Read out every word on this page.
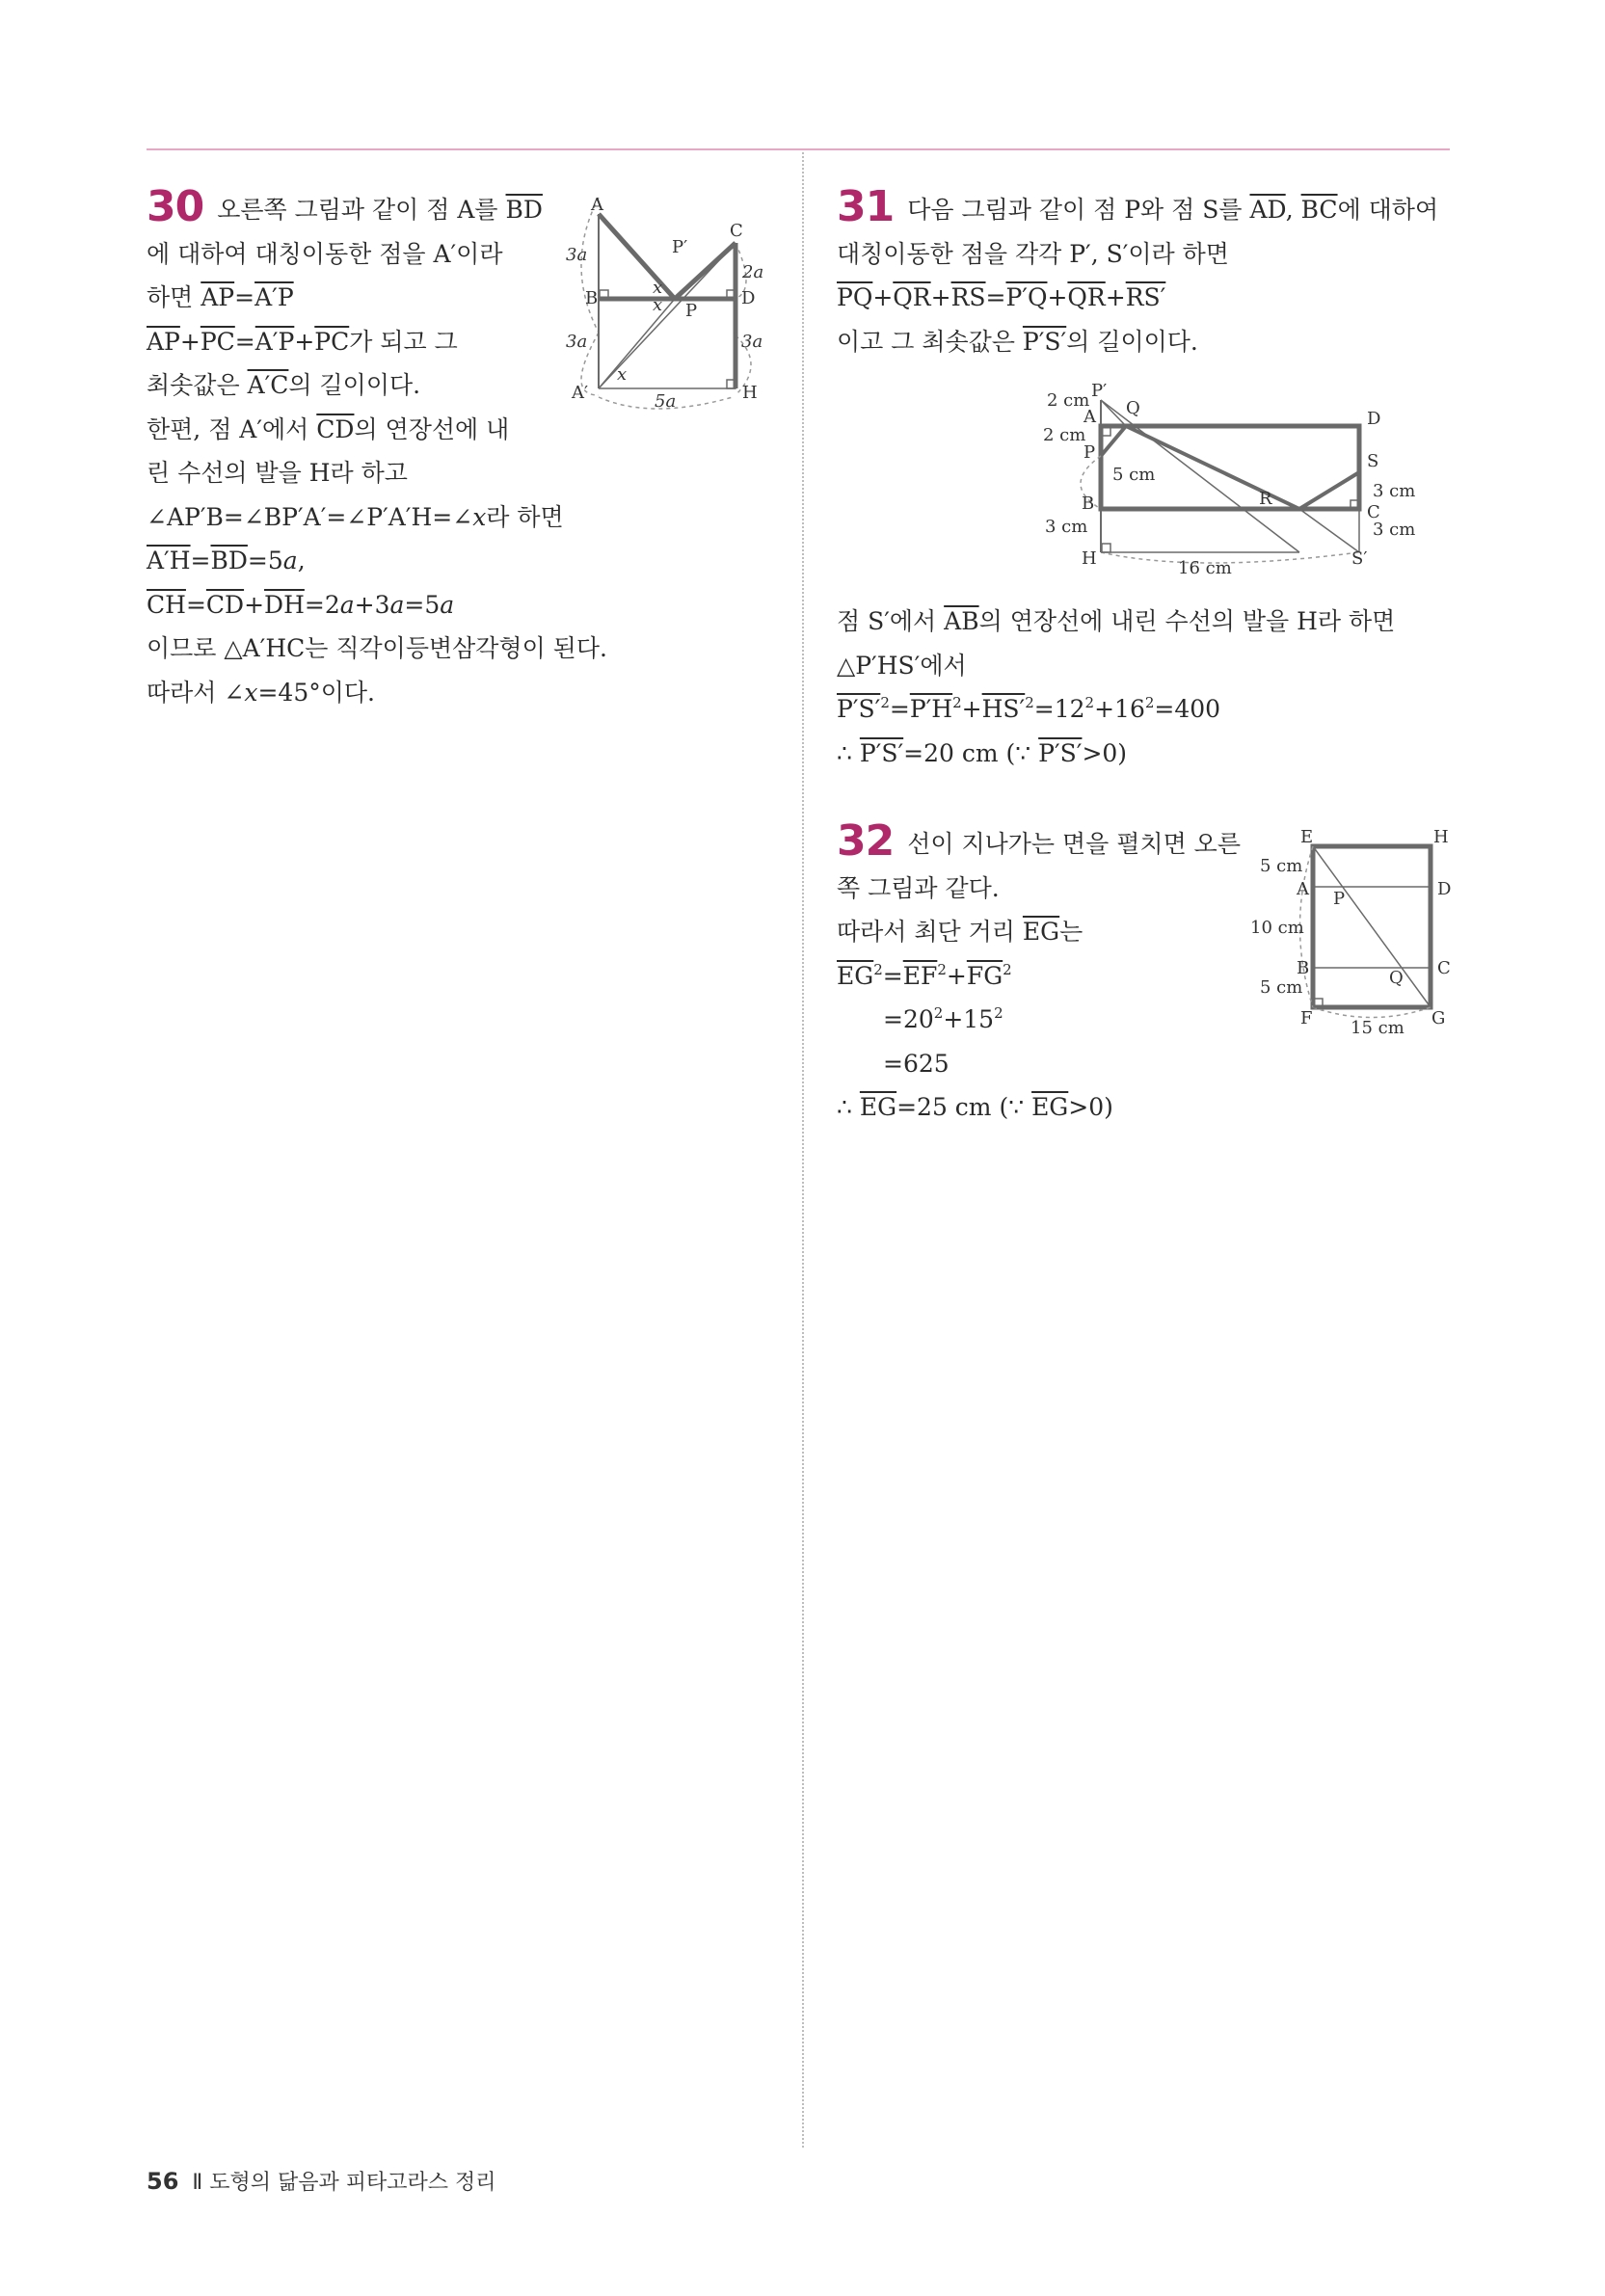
30 오른쪽 그림과 같이 점 A를 $\overline{BD}$
에 대하여 대칭이동한 점을 A′이라
하면 $\overline{AP}=A'P$
$\overline{AP}+\overline{PC}=A'P+\overline{PC}$가 되고 그
최솟값은 A′C의 길이이다.
한편, 점 A′에서 $\overline{CD}$의 연장선에 내
린 수선의 발을 H라 하고
∠AP′B=∠BP′A′=∠P′A′H=∠x라 하면
$A'H=\overline{BD}=5a$,
$\overline{CH}=\overline{CD}+\overline{DH}=2a+3a=5a$
이므로 △A′HC는 직각이등변삼각형이 된다.
따라서 ∠x=45°이다.
A
B
C
D
P
P′
A′	H
3a
3a	3a
2a
5a
x
x
x
31 다음 그림과 같이 점 P와 점 S를 $\overline{AD}$, $\overline{BC}$에 대하여
대칭이동한 점을 각각 P′, S′이라 하면
$\overline{PQ}+\overline{QR}+\overline{RS}=P'Q+\overline{QR}+RS'$
이고 그 최솟값은 P′S′의 길이이다.
P′
A
P
B
H
Q
D
S
R
C
S′
2 cm
2 cm
5 cm
3 cm
3 cm
3 cm
16 cm
점 S′에서 $\overline{AB}$의 연장선에 내린 수선의 발을 H라 하면
△P′HS′에서
$P'S'^2=P'H^2+HS'^2=12^2+16^2=400$
∴ P′S′=20 cm (∵ P′S′>0)
32 선이 지나가는 면을 펼치면 오른
쪽 그림과 같다.
따라서 최단 거리 $\overline{EG}$는
$\overline{EG}^2=\overline{EF}^2+\overline{FG}^2$
$=20^2+15^2$
=625
∴ $\overline{EG}=25$ cm (∵ $\overline{EG}>0$)
E	H
A	D
P
B	C
Q
F	G
5 cm
10 cm
5 cm
15 cm
56 Ⅱ 도형의 닮음과 피타고라스 정리
